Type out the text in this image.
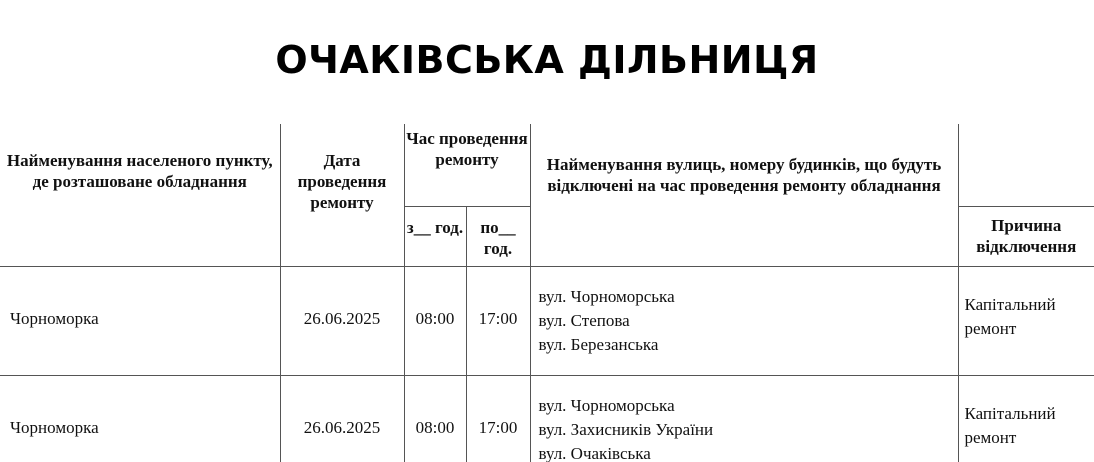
ОЧАКІВСЬКА ДІЛЬНИЦЯ
Найменування населеного пункту, де розташоване обладнання	Дата проведення ремонту	Час проведення ремонту		Найменування вулиць, номеру будинків, що будуть відключені на час проведення ремонту обладнання	
		з__ год.	по__ год.		Причина відключення
Чорноморка	26.06.2025	08:00	17:00	вул. Чорноморська
вул. Степова
вул. Березанська	Капітальний ремонт
Чорноморка	26.06.2025	08:00	17:00	вул. Чорноморська
вул. Захисників України
вул. Очаківська	Капітальний ремонт
